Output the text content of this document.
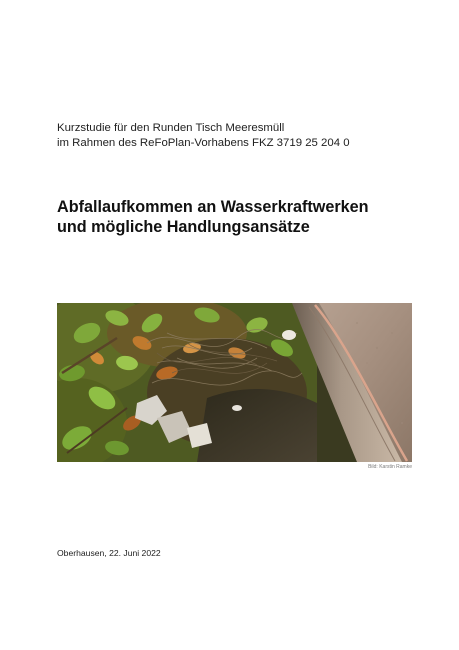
Kurzstudie für den Runden Tisch Meeresmüll
im Rahmen des ReFoPlan-Vorhabens FKZ 3719 25 204 0
Abfallaufkommen an Wasserkraftwerken
und mögliche Handlungsansätze
Bild: Karstin Ramke
Oberhausen, 22. Juni 2022
